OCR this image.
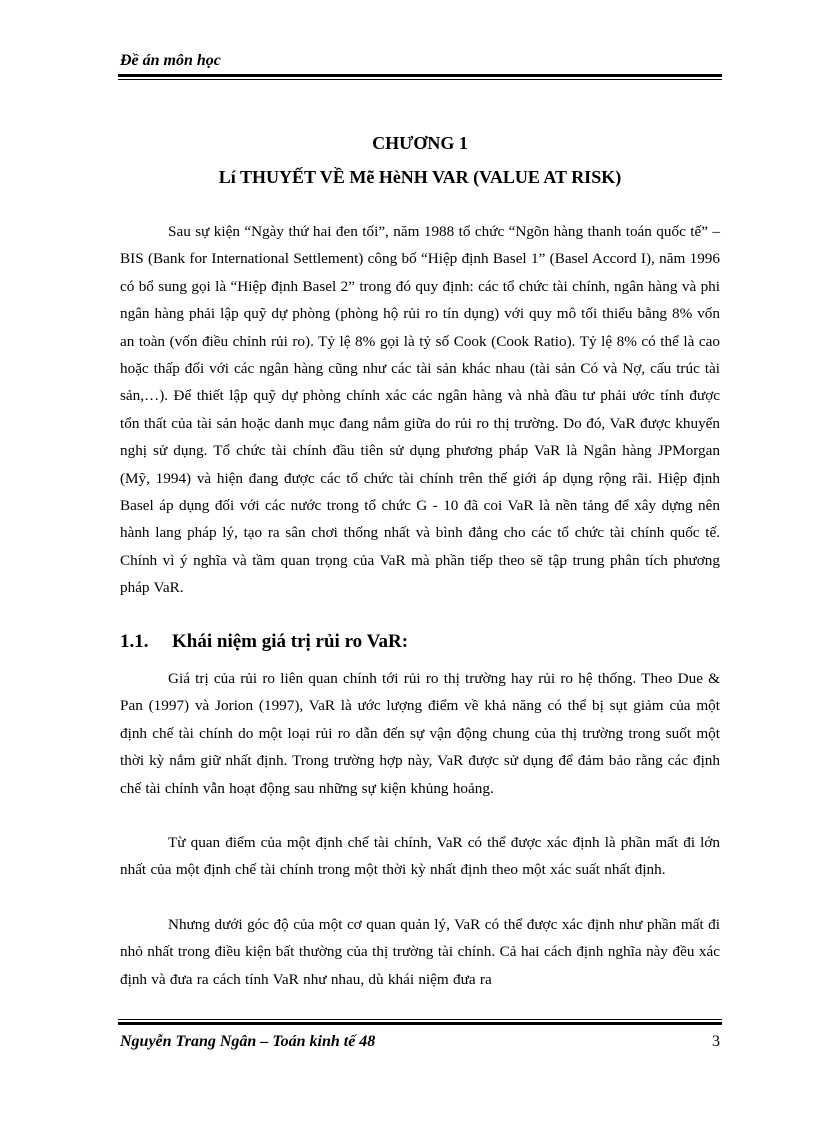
Đề án môn học
CHƯƠNG 1
Lí THUYẾT VỀ Mẽ HèNH VAR (VALUE AT RISK)

Sau sự kiện “Ngày thứ hai đen tối”, năm 1988 tổ chức “Ngõn hàng thanh toán quốc tế” – BIS (Bank for International Settlement) công bố “Hiệp định Basel 1” (Basel Accord I), năm 1996 có bổ sung gọi là “Hiệp định Basel 2” trong đó quy định: các tổ chức tài chính, ngân hàng và phi ngân hàng phải lập quỹ dự phòng (phòng hộ rủi ro tín dụng) với quy mô tối thiểu bằng 8% vốn an toàn (vốn điều chỉnh rủi ro). Tỷ lệ 8% gọi là tỷ số Cook (Cook Ratio). Tỷ lệ 8% có thể là cao hoặc thấp đối với các ngân hàng cũng như các tài sản khác nhau (tài sản Có và Nợ, cấu trúc tài sản,…). Để thiết lập quỹ dự phòng chính xác các ngân hàng và nhà đầu tư phải ước tính được tổn thất của tài sản hoặc danh mục đang nắm giữa do rủi ro thị trường. Do đó, VaR được khuyến nghị sử dụng. Tổ chức tài chính đầu tiên sử dụng phương pháp VaR là Ngân hàng JPMorgan (Mỹ, 1994) và hiện đang được các tổ chức tài chính trên thế giới áp dụng rộng rãi. Hiệp định Basel áp dụng đối với các nước trong tổ chức G - 10 đã coi VaR là nền tảng để xây dựng nên hành lang pháp lý, tạo ra sân chơi thống nhất và bình đẳng cho các tổ chức tài chính quốc tế. Chính vì ý nghĩa và tầm quan trọng của VaR mà phần tiếp theo sẽ tập trung phân tích phương pháp VaR.

1.1. Khái niệm giá trị rủi ro VaR:

Giá trị của rủi ro liên quan chính tới rủi ro thị trường hay rủi ro hệ thống. Theo Due & Pan (1997) và Jorion (1997), VaR là ước lượng điểm về khả năng có thể bị sụt giảm của một định chế tài chính do một loại rủi ro dẫn đến sự vận động chung của thị trường trong suốt một thời kỳ nắm giữ nhất định. Trong trường hợp này, VaR được sử dụng để đảm bảo rằng các định chế tài chính vẫn hoạt động sau những sự kiện khủng hoảng.

Từ quan điểm của một định chế tài chính, VaR có thể được xác định là phần mất đi lớn nhất của một định chế tài chính trong một thời kỳ nhất định theo một xác suất nhất định.

Nhưng dưới góc độ của một cơ quan quản lý, VaR có thể được xác định như phần mất đi nhỏ nhất trong điều kiện bất thường của thị trường tài chính. Cả hai cách định nghĩa này đều xác định và đưa ra cách tính VaR như nhau, dù khái niệm đưa ra

Nguyễn Trang Ngân – Toán kinh tế 48	3
